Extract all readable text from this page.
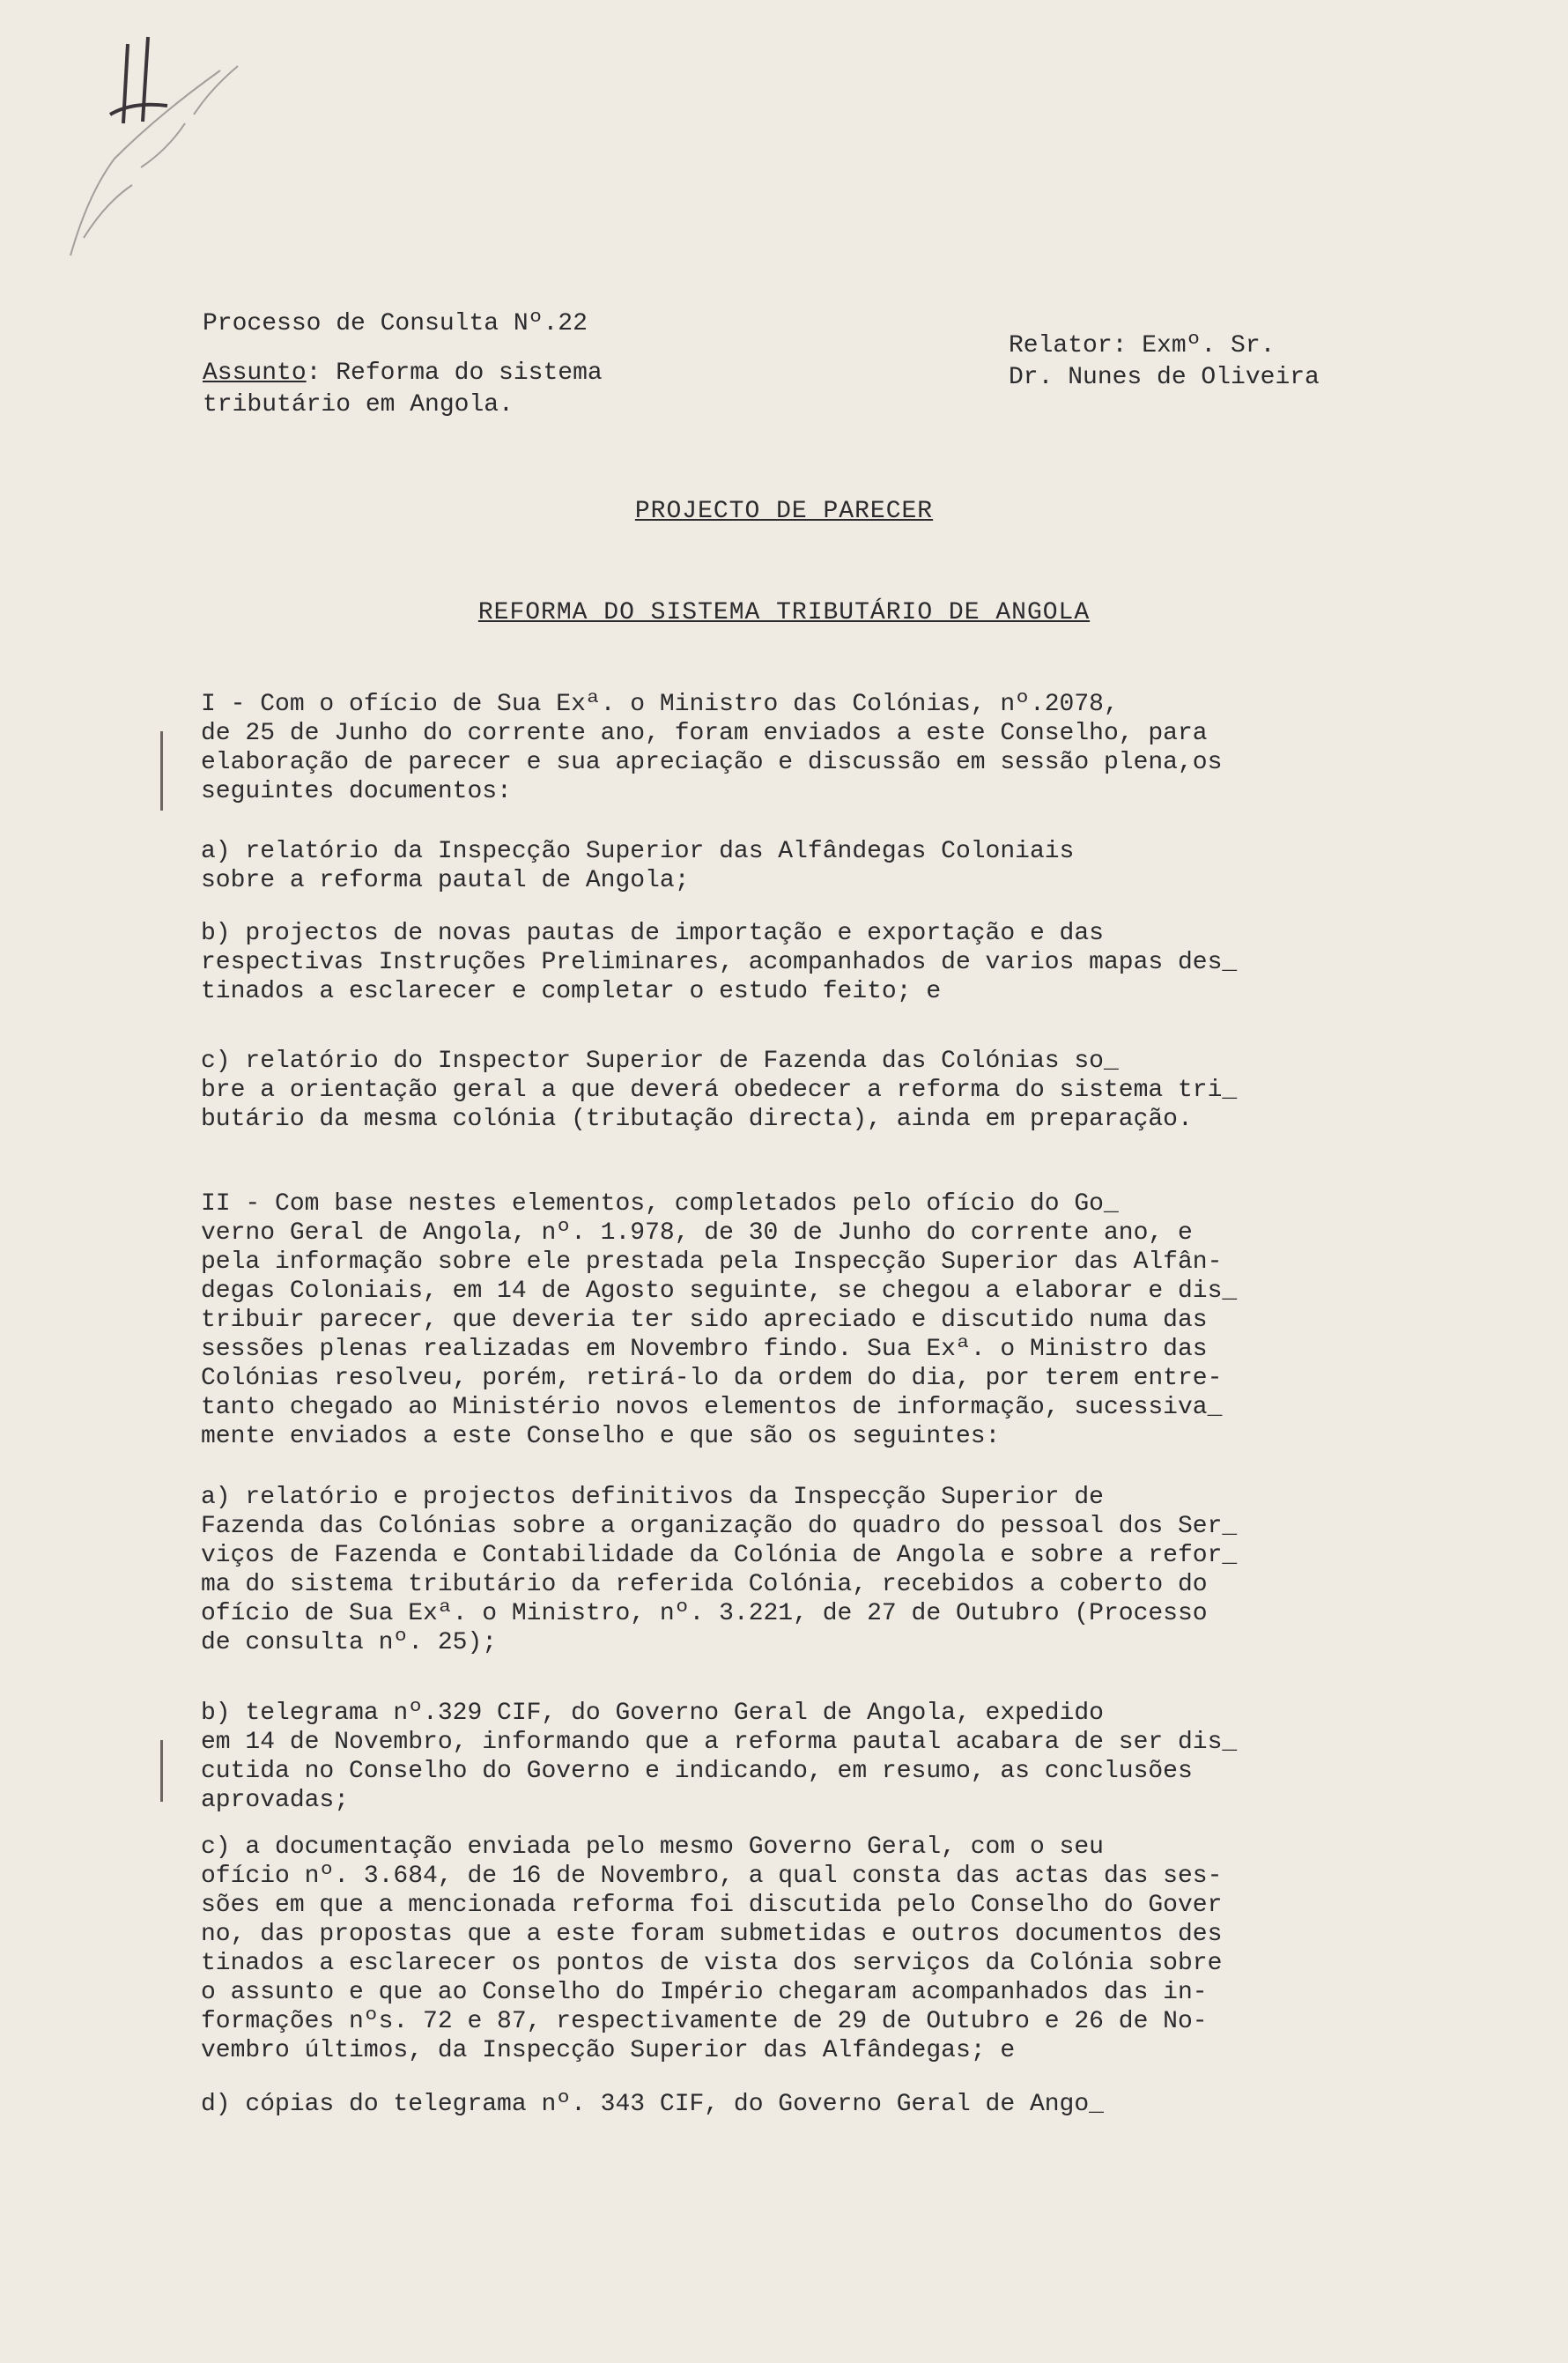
Processo de Consulta Nº.22
Assunto: Reforma do sistema
tributário em Angola.
Relator: Exmº. Sr.
Dr. Nunes de Oliveira
PROJECTO DE PARECER
REFORMA DO SISTEMA TRIBUTÁRIO DE ANGOLA
I - Com o ofício de Sua Exª. o Ministro das Colónias, nº.2078,
de 25 de Junho do corrente ano, foram enviados a este Conselho, para
elaboração de parecer e sua apreciação e discussão em sessão plena,os
seguintes documentos:
a) relatório da Inspecção Superior das Alfândegas Coloniais
sobre a reforma pautal de Angola;
b) projectos de novas pautas de importação e exportação e das
respectivas Instruções Preliminares, acompanhados de varios mapas des_
tinados a esclarecer e completar o estudo feito; e
c) relatório do Inspector Superior de Fazenda das Colónias so_
bre a orientação geral a que deverá obedecer a reforma do sistema tri_
butário da mesma colónia (tributação directa), ainda em preparação.
II - Com base nestes elementos, completados pelo ofício do Go_
verno Geral de Angola, nº. 1.978, de 30 de Junho do corrente ano, e
pela informação sobre ele prestada pela Inspecção Superior das Alfân-
degas Coloniais, em 14 de Agosto seguinte, se chegou a elaborar e dis_
tribuir parecer, que deveria ter sido apreciado e discutido numa das
sessões plenas realizadas em Novembro findo. Sua Exª. o Ministro das
Colónias resolveu, porém, retirá-lo da ordem do dia, por terem entre-
tanto chegado ao Ministério novos elementos de informação, sucessiva_
mente enviados a este Conselho e que são os seguintes:
a) relatório e projectos definitivos da Inspecção Superior de
Fazenda das Colónias sobre a organização do quadro do pessoal dos Ser_
viços de Fazenda e Contabilidade da Colónia de Angola e sobre a refor_
ma do sistema tributário da referida Colónia, recebidos a coberto do
ofício de Sua Exª. o Ministro, nº. 3.221, de 27 de Outubro (Processo
de consulta nº. 25);
b) telegrama nº.329 CIF, do Governo Geral de Angola, expedido
em 14 de Novembro, informando que a reforma pautal acabara de ser dis_
cutida no Conselho do Governo e indicando, em resumo, as conclusões
aprovadas;
c) a documentação enviada pelo mesmo Governo Geral, com o seu
ofício nº. 3.684, de 16 de Novembro, a qual consta das actas das ses-
sões em que a mencionada reforma foi discutida pelo Conselho do Gover
no, das propostas que a este foram submetidas e outros documentos des
tinados a esclarecer os pontos de vista dos serviços da Colónia sobre
o assunto e que ao Conselho do Império chegaram acompanhados das in-
formações nºs. 72 e 87, respectivamente de 29 de Outubro e 26 de No-
vembro últimos, da Inspecção Superior das Alfândegas; e
d) cópias do telegrama nº. 343 CIF, do Governo Geral de Ango_
